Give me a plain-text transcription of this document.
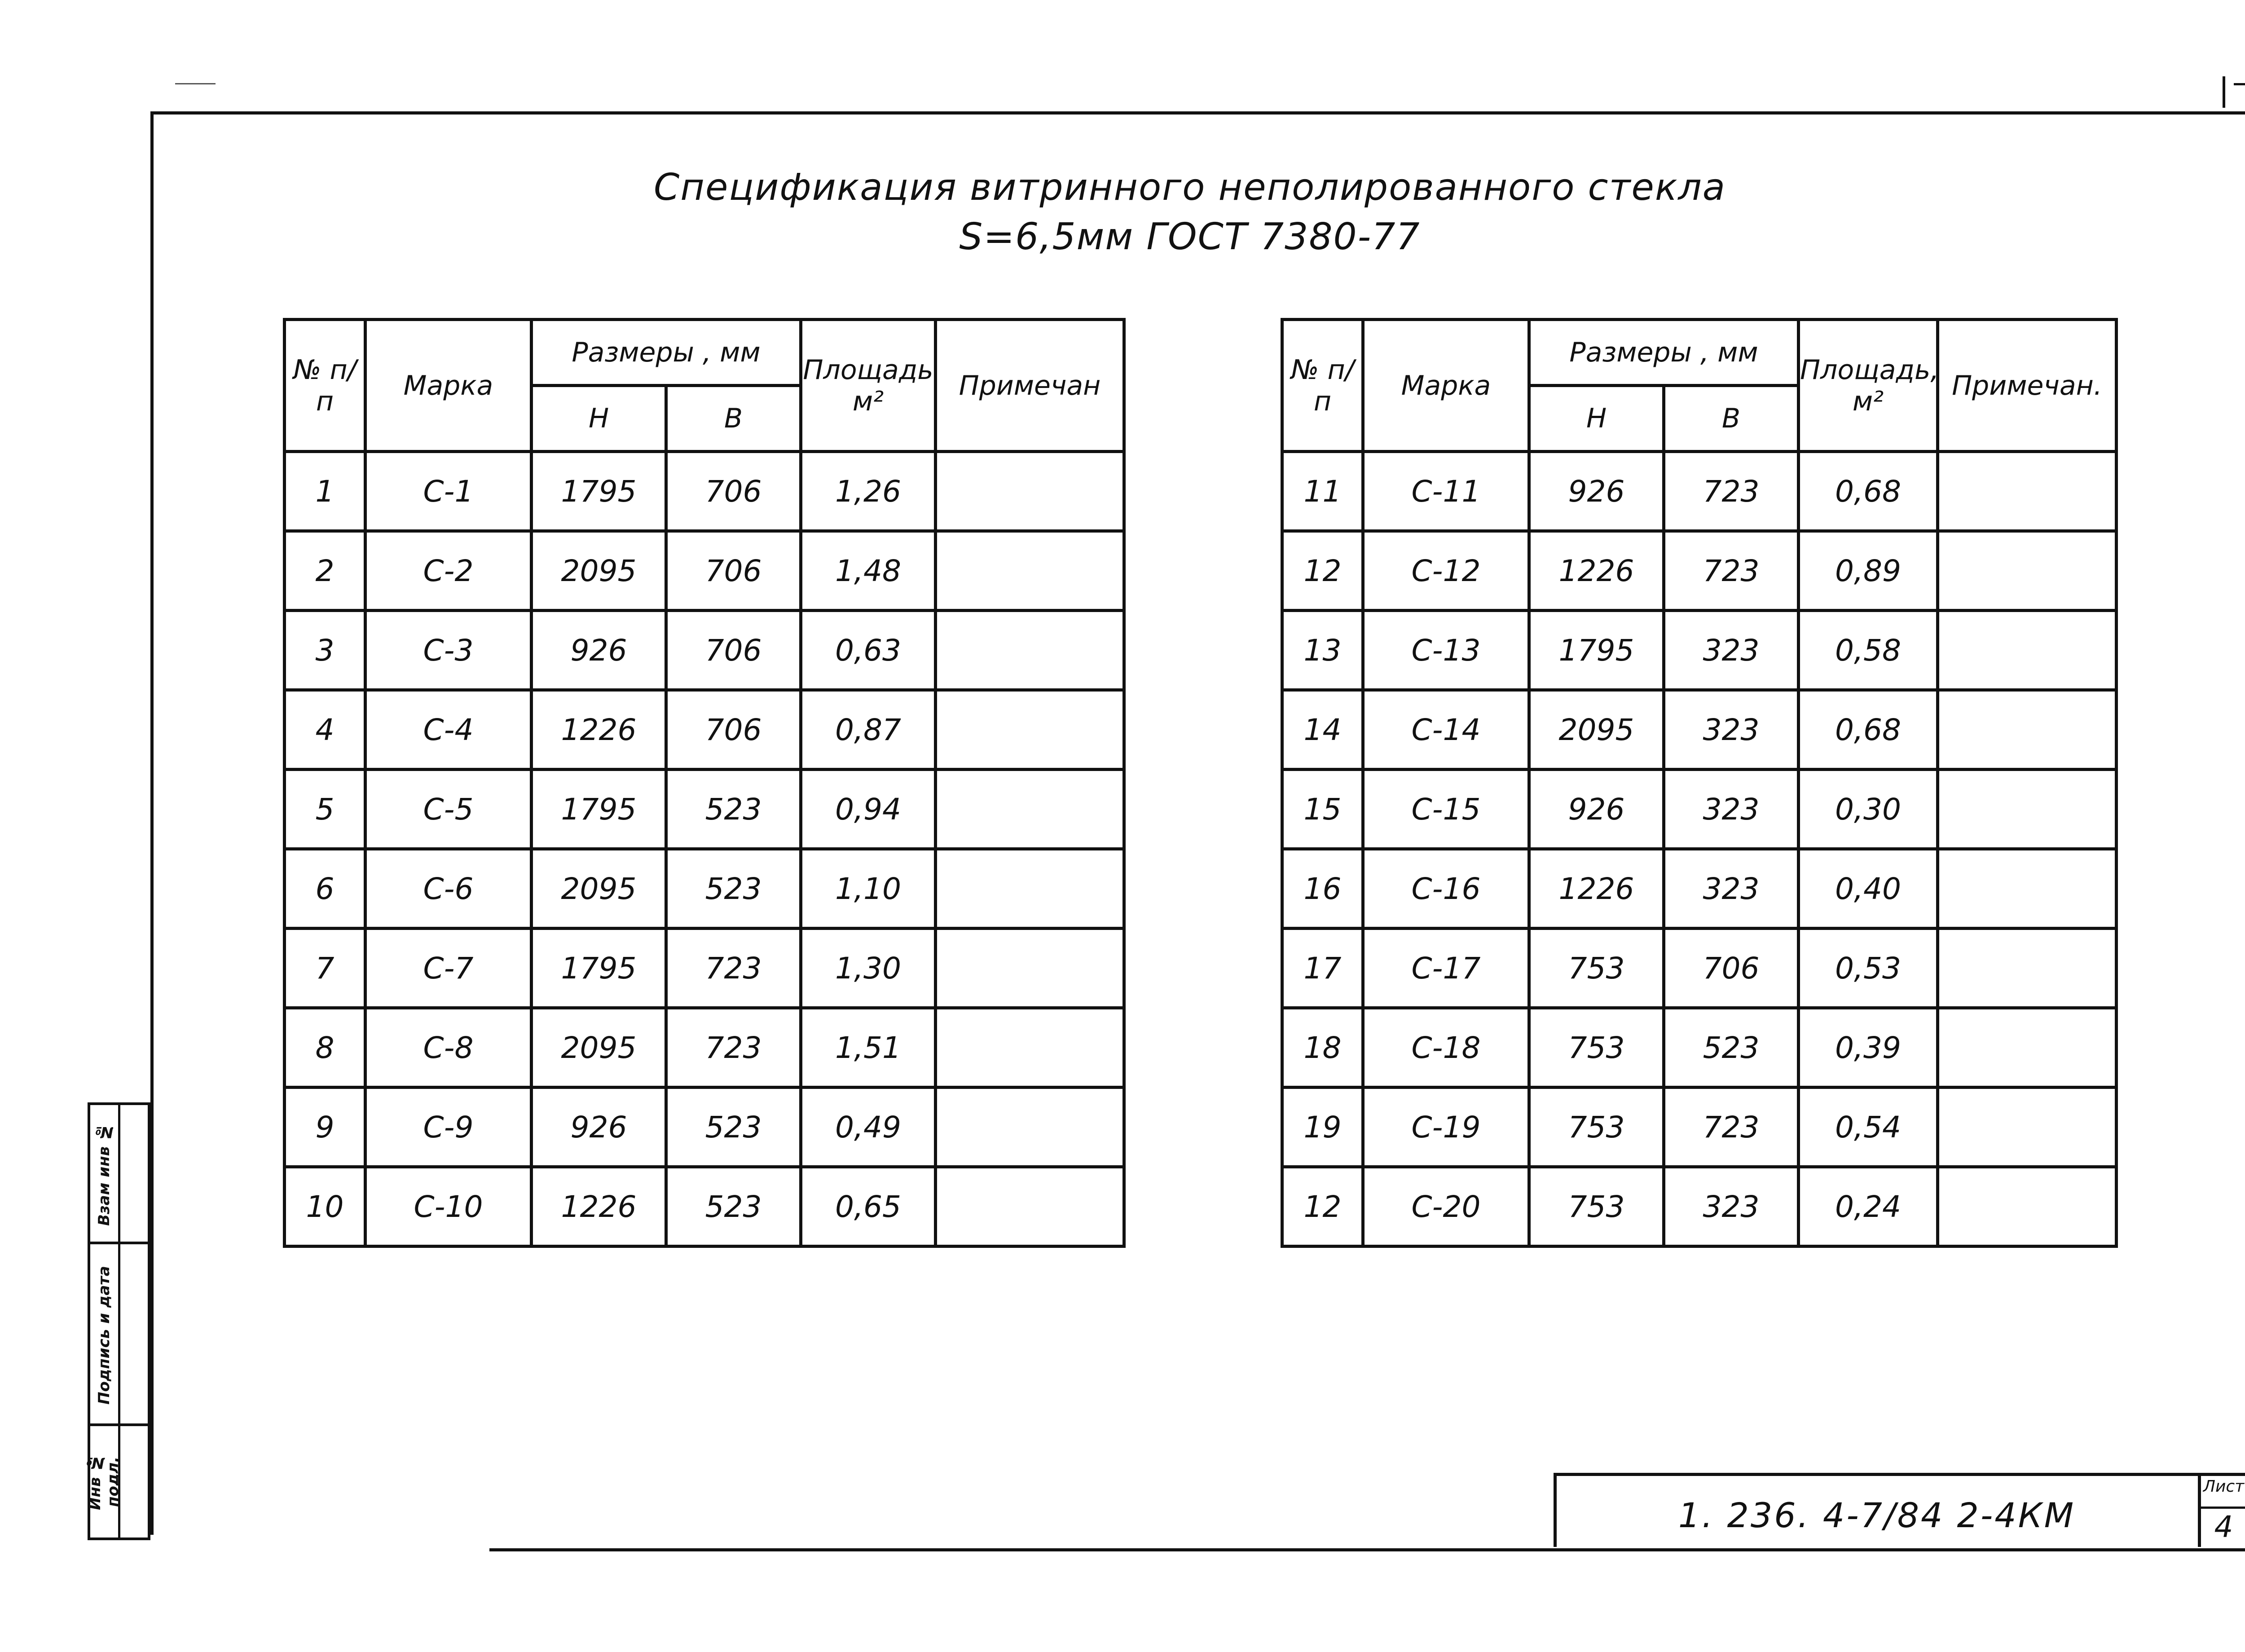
Спецификация витринного неполированного стекла
S=6,5мм ГОСТ 7380-77
№ п/п	Марка	Размеры , мм		Площадь м²	Примечан
		Н	В		
1	С-1	1795	706	1,26	
2	С-2	2095	706	1,48	
3	С-3	926	706	0,63	
4	С-4	1226	706	0,87	
5	С-5	1795	523	0,94	
6	С-6	2095	523	1,10	
7	С-7	1795	723	1,30	
8	С-8	2095	723	1,51	
9	С-9	926	523	0,49	
10	С-10	1226	523	0,65	
№ п/п	Марка	Размеры , мм		Площадь, м²	Примечан.
		Н	В		
11	С-11	926	723	0,68	
12	С-12	1226	723	0,89	
13	С-13	1795	323	0,58	
14	С-14	2095	323	0,68	
15	С-15	926	323	0,30	
16	С-16	1226	323	0,40	
17	С-17	753	706	0,53	
18	С-18	753	523	0,39	
19	С-19	753	723	0,54	
12	С-20	753	323	0,24	
Взам инв №
Подпись и дата
Инв № подл.
1. 236. 4-7/84 2-4КМ
Лист
4
